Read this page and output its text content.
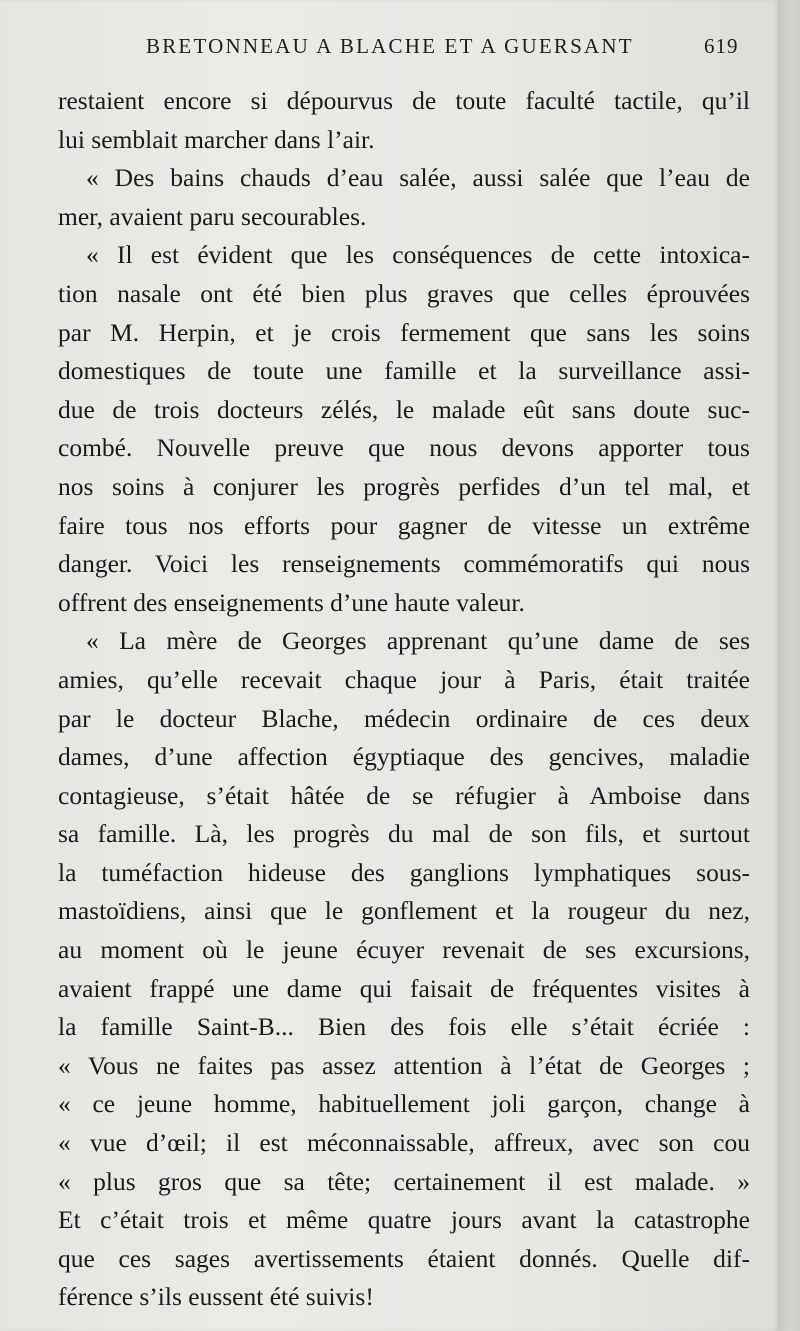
BRETONNEAU A BLACHE ET A GUERSANT	619
restaient encore si dépourvus de toute faculté tactile, qu’il
lui semblait marcher dans l’air.
« Des bains chauds d’eau salée, aussi salée que l’eau de
mer, avaient paru secourables.
« Il est évident que les conséquences de cette intoxica-
tion nasale ont été bien plus graves que celles éprouvées
par M. Herpin, et je crois fermement que sans les soins
domestiques de toute une famille et la surveillance assi-
due de trois docteurs zélés, le malade eût sans doute suc-
combé. Nouvelle preuve que nous devons apporter tous
nos soins à conjurer les progrès perfides d’un tel mal, et
faire tous nos efforts pour gagner de vitesse un extrême
danger. Voici les renseignements commémoratifs qui nous
offrent des enseignements d’une haute valeur.
« La mère de Georges apprenant qu’une dame de ses
amies, qu’elle recevait chaque jour à Paris, était traitée
par le docteur Blache, médecin ordinaire de ces deux
dames, d’une affection égyptiaque des gencives, maladie
contagieuse, s’était hâtée de se réfugier à Amboise dans
sa famille. Là, les progrès du mal de son fils, et surtout
la tuméfaction hideuse des ganglions lymphatiques sous-
mastoïdiens, ainsi que le gonflement et la rougeur du nez,
au moment où le jeune écuyer revenait de ses excursions,
avaient frappé une dame qui faisait de fréquentes visites à
la famille Saint-B... Bien des fois elle s’était écriée :
« Vous ne faites pas assez attention à l’état de Georges ;
« ce jeune homme, habituellement joli garçon, change à
« vue d’œil; il est méconnaissable, affreux, avec son cou
« plus gros que sa tête; certainement il est malade. »
Et c’était trois et même quatre jours avant la catastrophe
que ces sages avertissements étaient donnés. Quelle dif-
férence s’ils eussent été suivis!
